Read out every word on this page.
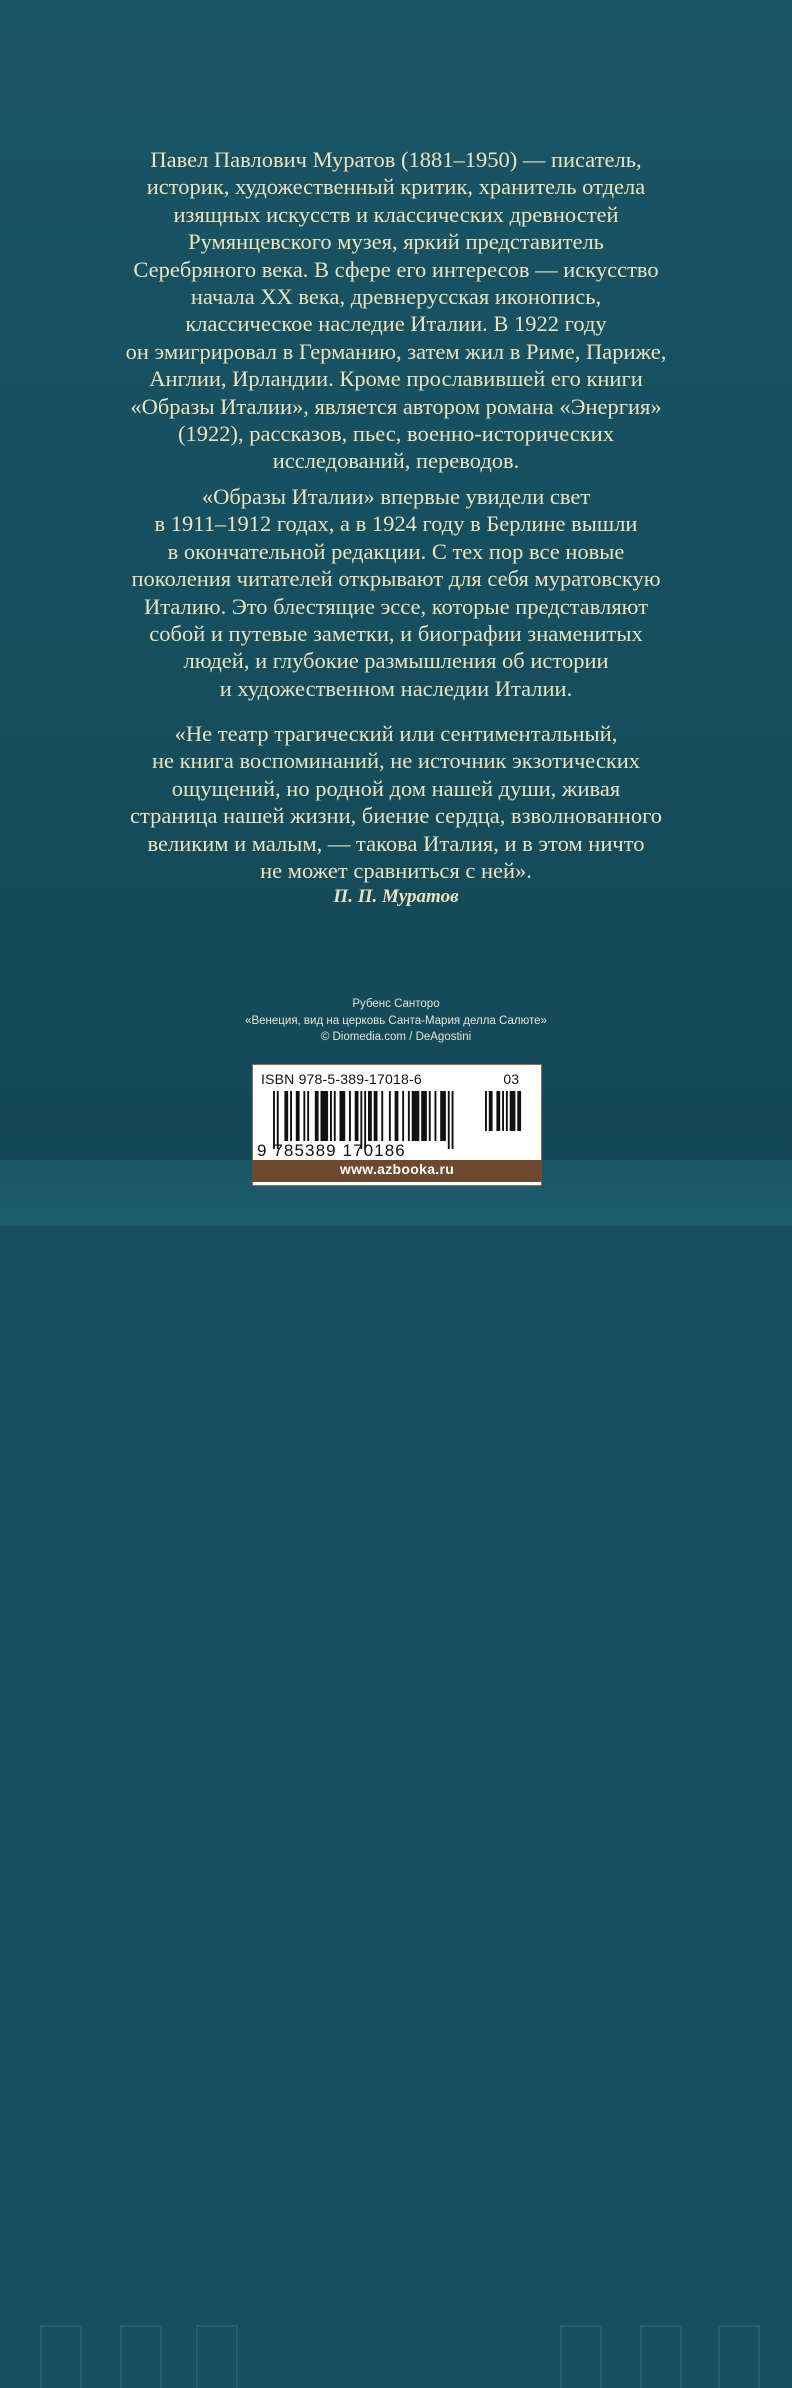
Павел Павлович Муратов (1881–1950) — писатель,
историк, художественный критик, хранитель отдела
изящных искусств и классических древностей
Румянцевского музея, яркий представитель
Серебряного века. В сфере его интересов — искусство
начала XX века, древнерусская иконопись,
классическое наследие Италии. В 1922 году
он эмигрировал в Германию, затем жил в Риме, Париже,
Англии, Ирландии. Кроме прославившей его книги
«Образы Италии», является автором романа «Энергия»
(1922), рассказов, пьес, военно-исторических
исследований, переводов.
«Образы Италии» впервые увидели свет
в 1911–1912 годах, а в 1924 году в Берлине вышли
в окончательной редакции. С тех пор все новые
поколения читателей открывают для себя муратовскую
Италию. Это блестящие эссе, которые представляют
собой и путевые заметки, и биографии знаменитых
людей, и глубокие размышления об истории
и художественном наследии Италии.
«Не театр трагический или сентиментальный,
не книга воспоминаний, не источник экзотических
ощущений, но родной дом нашей души, живая
страница нашей жизни, биение сердца, взволнованного
великим и малым, — такова Италия, и в этом ничто
не может сравниться с ней».
П. П. Муратов
Рубенс Санторо
«Венеция, вид на церковь Санта-Мария делла Салюте»
© Diomedia.com / DeAgostini
ISBN 978-5-389-17018-6	03
9 785389 170186
www.azbooka.ru
